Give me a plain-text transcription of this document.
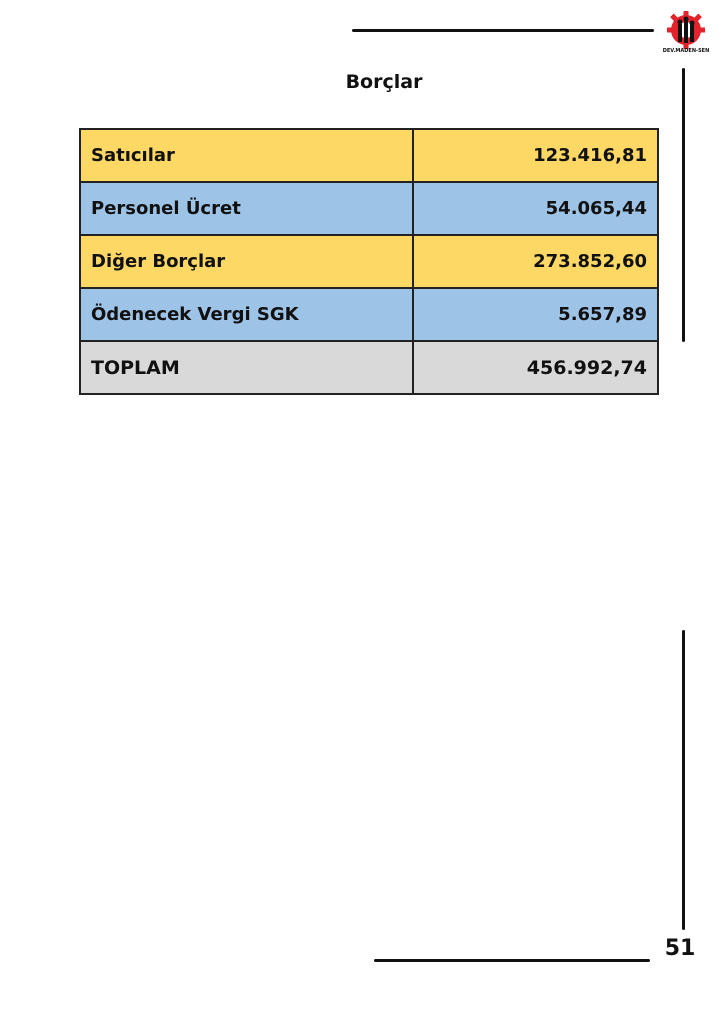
DEV.MADEN-SEN
Borçlar
Satıcılar	123.416,81
Personel Ücret	54.065,44
Diğer Borçlar	273.852,60
Ödenecek Vergi SGK	5.657,89
TOPLAM	456.992,74
51
